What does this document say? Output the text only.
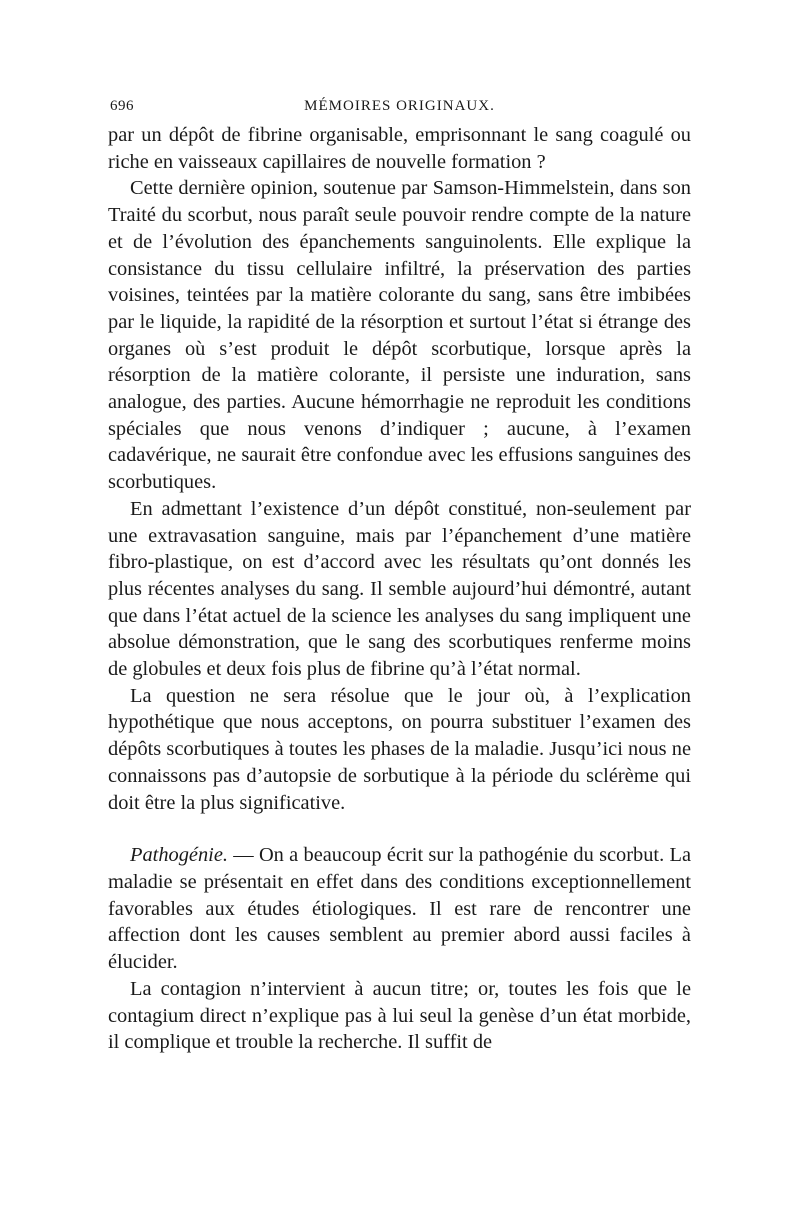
696	MÉMOIRES ORIGINAUX.

par un dépôt de fibrine organisable, emprisonnant le sang coagulé ou riche en vaisseaux capillaires de nouvelle formation ?

Cette dernière opinion, soutenue par Samson-Himmelstein, dans son Traité du scorbut, nous paraît seule pouvoir rendre compte de la nature et de l’évolution des épanchements sanguinolents. Elle explique la consistance du tissu cellulaire infiltré, la préservation des parties voisines, teintées par la matière colorante du sang, sans être imbibées par le liquide, la rapidité de la résorption et surtout l’état si étrange des organes où s’est produit le dépôt scorbutique, lorsque après la résorption de la matière colorante, il persiste une induration, sans analogue, des parties. Aucune hémorrhagie ne reproduit les conditions spéciales que nous venons d’indiquer ; aucune, à l’examen cadavérique, ne saurait être confondue avec les effusions sanguines des scorbutiques.

En admettant l’existence d’un dépôt constitué, non-seulement par une extravasation sanguine, mais par l’épanchement d’une matière fibro-plastique, on est d’accord avec les résultats qu’ont donnés les plus récentes analyses du sang. Il semble aujourd’hui démontré, autant que dans l’état actuel de la science les analyses du sang impliquent une absolue démonstration, que le sang des scorbutiques renferme moins de globules et deux fois plus de fibrine qu’à l’état normal.

La question ne sera résolue que le jour où, à l’explication hypothétique que nous acceptons, on pourra substituer l’examen des dépôts scorbutiques à toutes les phases de la maladie. Jusqu’ici nous ne connaissons pas d’autopsie de sorbutique à la période du sclérème qui doit être la plus significative.

Pathogénie. — On a beaucoup écrit sur la pathogénie du scorbut. La maladie se présentait en effet dans des conditions exceptionnellement favorables aux études étiologiques. Il est rare de rencontrer une affection dont les causes semblent au premier abord aussi faciles à élucider.

La contagion n’intervient à aucun titre; or, toutes les fois que le contagium direct n’explique pas à lui seul la genèse d’un état morbide, il complique et trouble la recherche. Il suffit de
